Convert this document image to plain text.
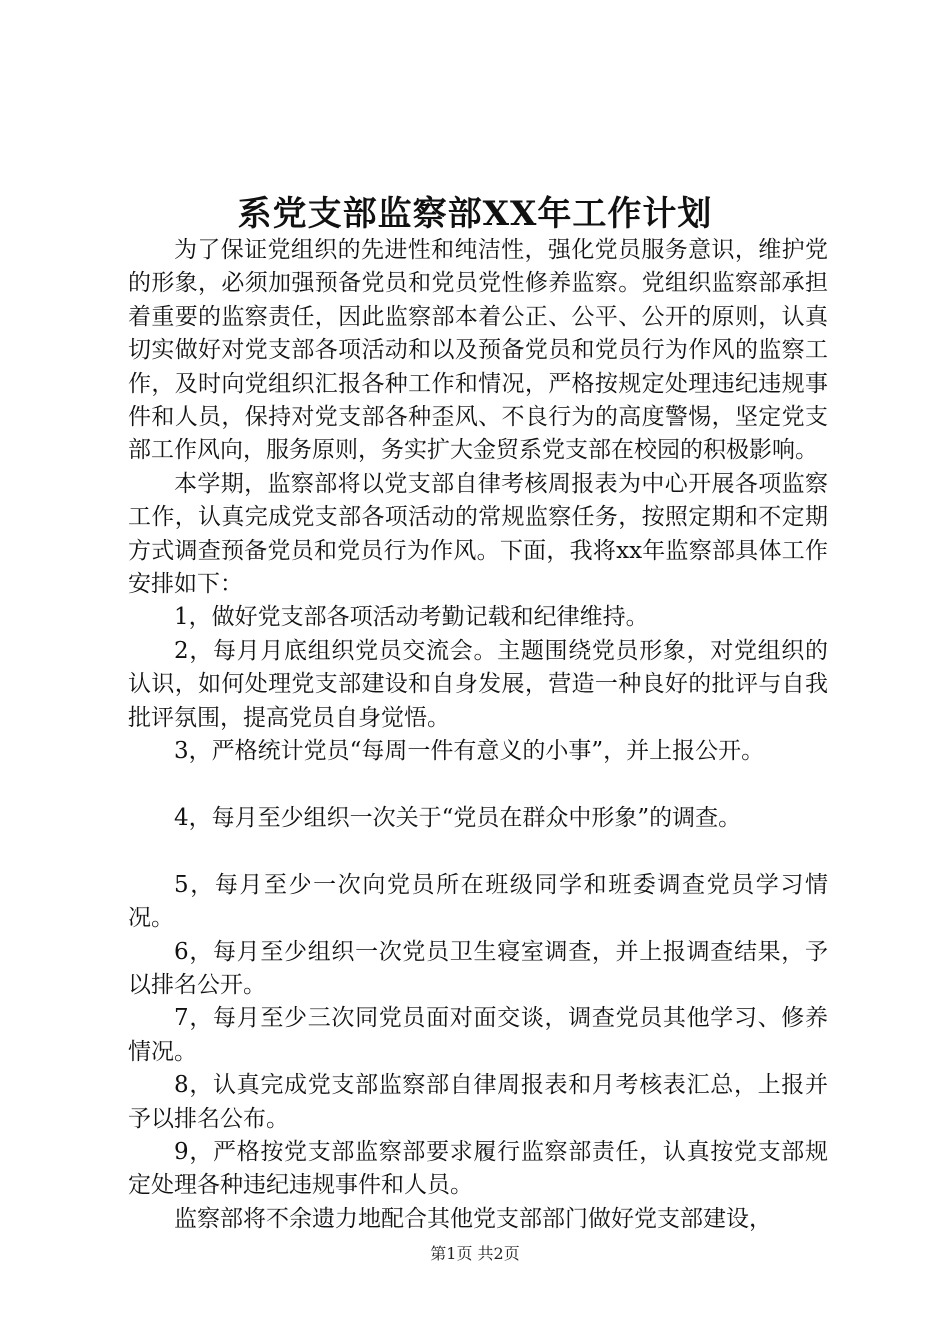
系党支部监察部XX年工作计划

为了保证党组织的先进性和纯洁性，强化党员服务意识，维护党的形象，必须加强预备党员和党员党性修养监察。党组织监察部承担着重要的监察责任，因此监察部本着公正、公平、公开的原则，认真切实做好对党支部各项活动和以及预备党员和党员行为作风的监察工作，及时向党组织汇报各种工作和情况，严格按规定处理违纪违规事件和人员，保持对党支部各种歪风、不良行为的高度警惕，坚定党支部工作风向，服务原则，务实扩大金贸系党支部在校园的积极影响。

本学期，监察部将以党支部自律考核周报表为中心开展各项监察工作，认真完成党支部各项活动的常规监察任务，按照定期和不定期方式调查预备党员和党员行为作风。下面，我将xx年监察部具体工作安排如下：

1，做好党支部各项活动考勤记载和纪律维持。

2，每月月底组织党员交流会。主题围绕党员形象，对党组织的认识，如何处理党支部建设和自身发展，营造一种良好的批评与自我批评氛围，提高党员自身觉悟。

3，严格统计党员“每周一件有意义的小事”，并上报公开。

4，每月至少组织一次关于“党员在群众中形象”的调查。

5，每月至少一次向党员所在班级同学和班委调查党员学习情况。

6，每月至少组织一次党员卫生寝室调查，并上报调查结果，予以排名公开。

7，每月至少三次同党员面对面交谈，调查党员其他学习、修养情况。

8，认真完成党支部监察部自律周报表和月考核表汇总，上报并予以排名公布。

9，严格按党支部监察部要求履行监察部责任，认真按党支部规定处理各种违纪违规事件和人员。

监察部将不余遗力地配合其他党支部部门做好党支部建设，

第1页 共2页
